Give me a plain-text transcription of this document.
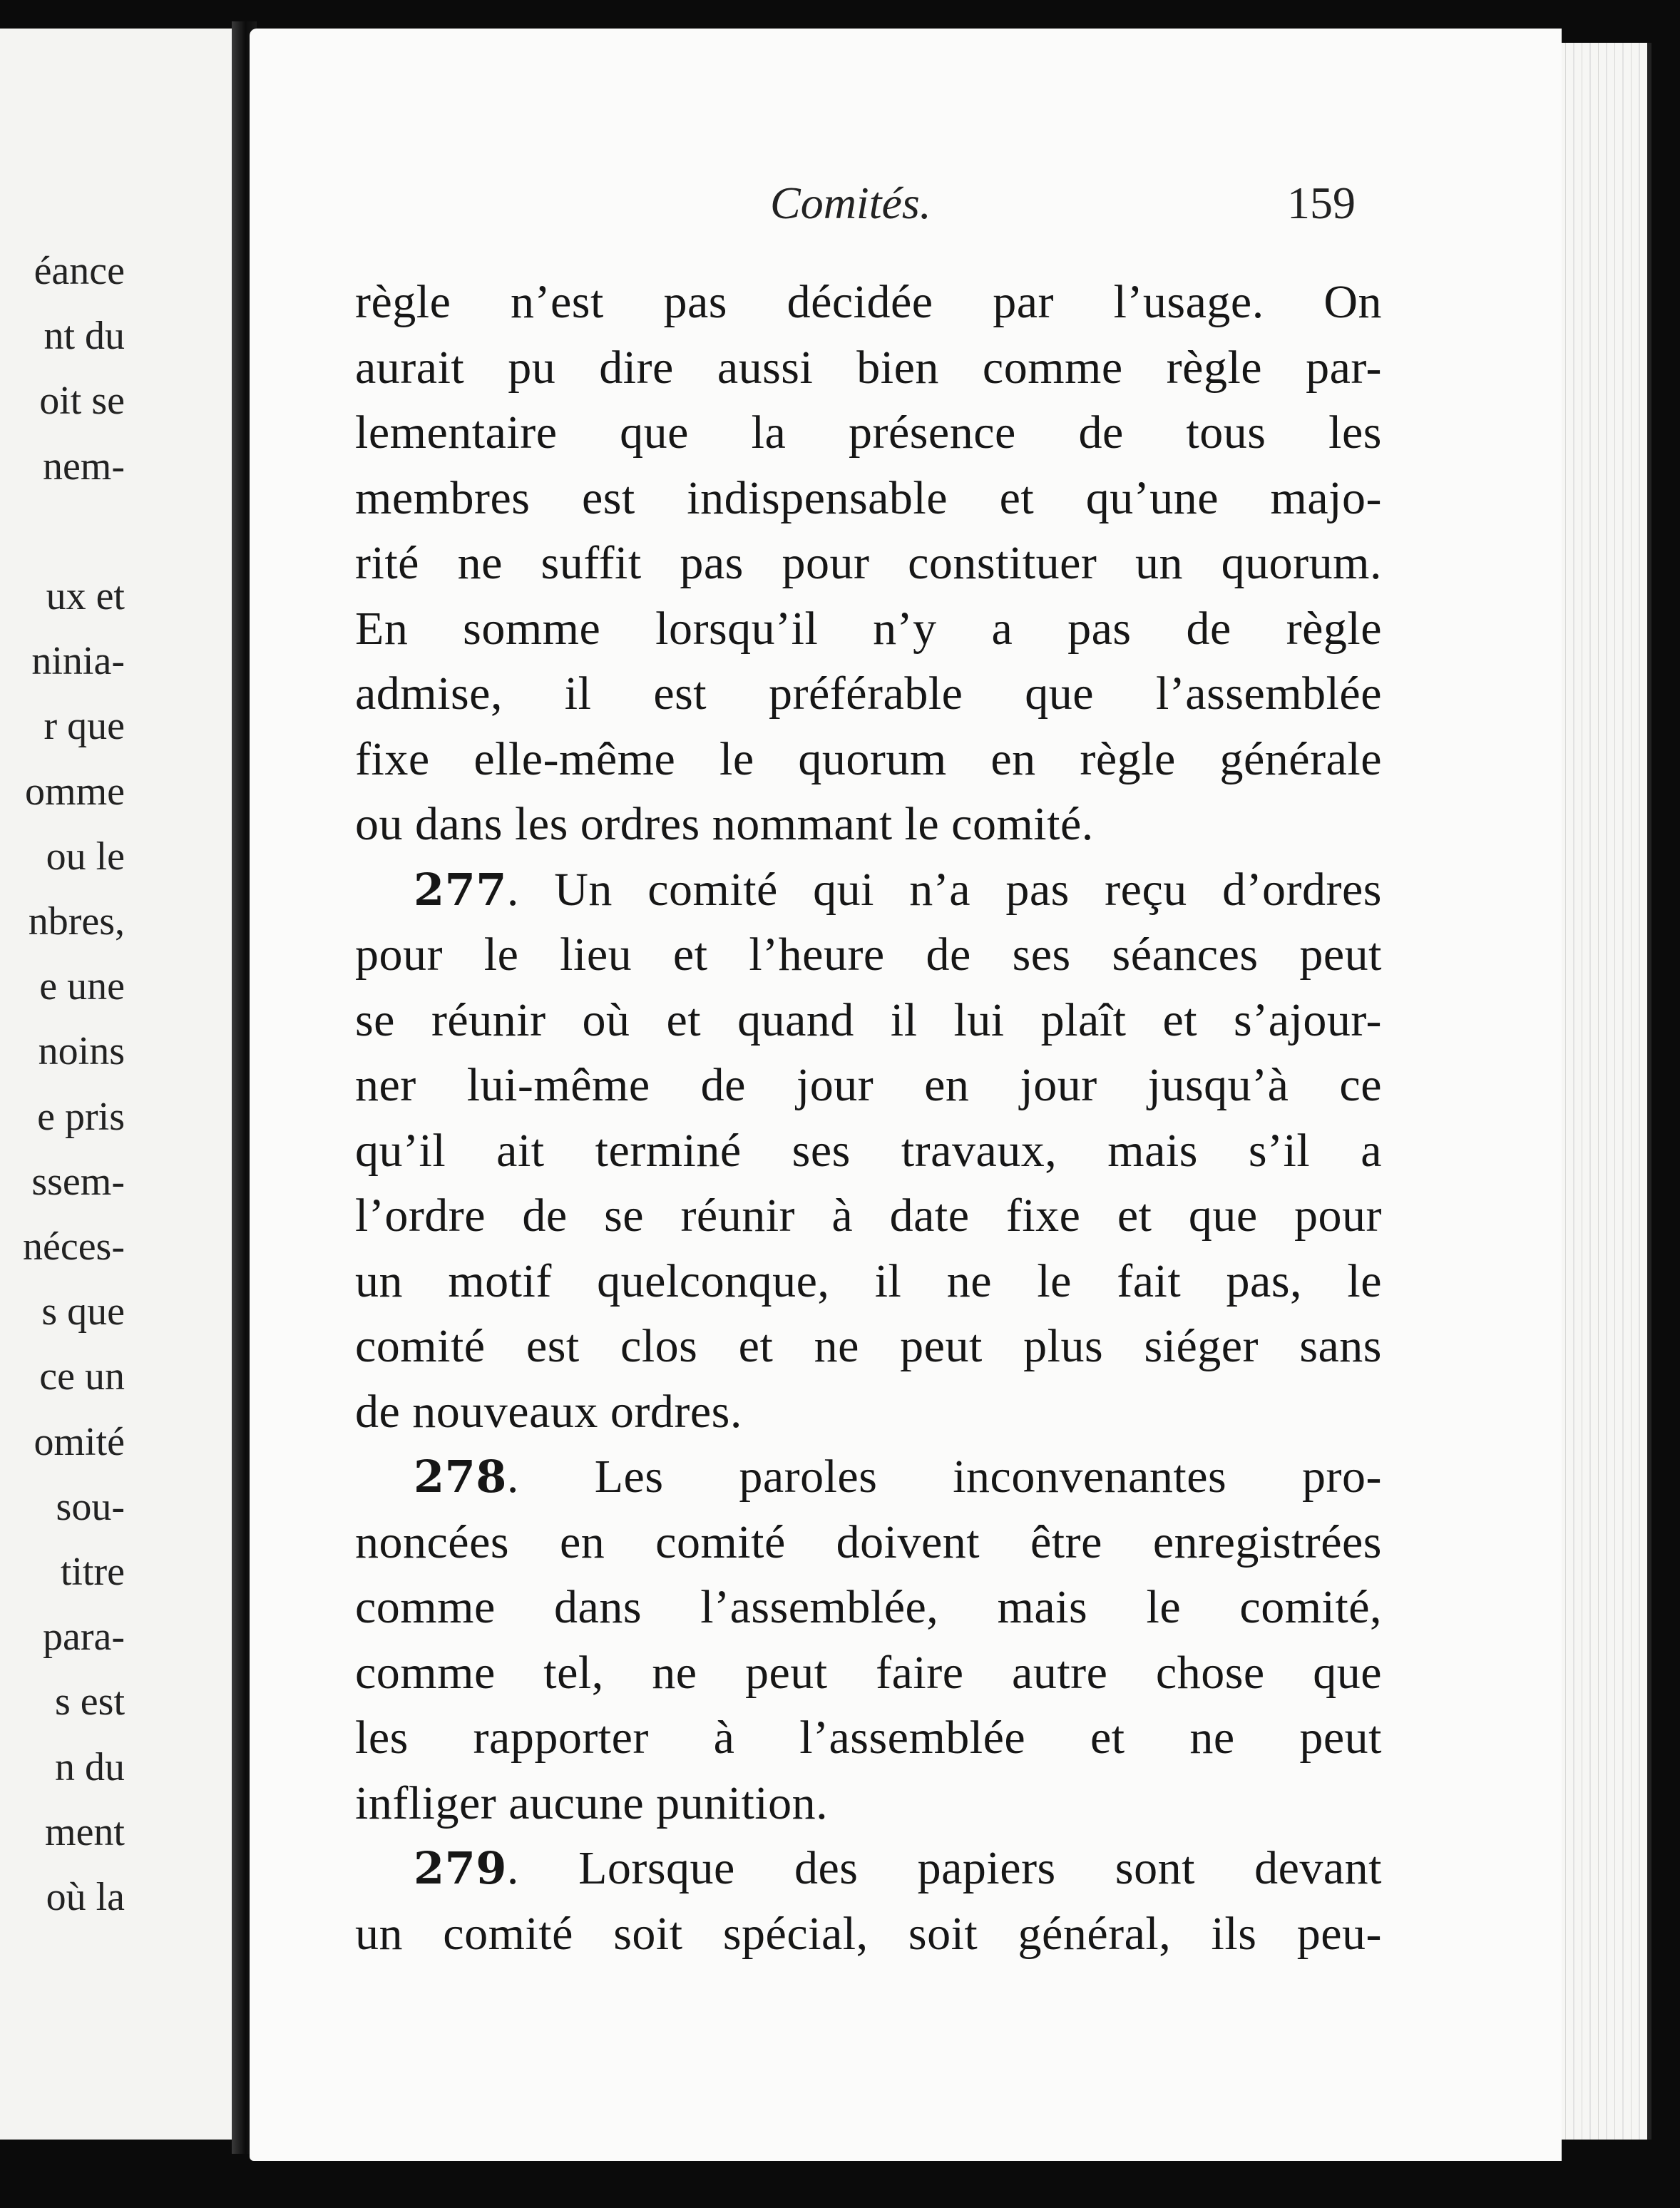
éance
nt du
oit se
nem-
ux et
ninia-
r que
omme
ou le
nbres,
e une
noins
e pris
ssem-
néces-
s que
ce un
omité
sou-
titre
para-
s est
n du
ment
où la
Comités.	159
règle n’est pas décidée par l’usage. On
aurait pu dire aussi bien comme règle par-
lementaire que la présence de tous les
membres est indispensable et qu’une majo-
rité ne suffit pas pour constituer un quorum.
En somme lorsqu’il n’y a pas de règle
admise, il est préférable que l’assemblée
fixe elle-même le quorum en règle générale
ou dans les ordres nommant le comité.
277. Un comité qui n’a pas reçu d’ordres
pour le lieu et l’heure de ses séances peut
se réunir où et quand il lui plaît et s’ajour-
ner lui-même de jour en jour jusqu’à ce
qu’il ait terminé ses travaux, mais s’il a
l’ordre de se réunir à date fixe et que pour
un motif quelconque, il ne le fait pas, le
comité est clos et ne peut plus siéger sans
de nouveaux ordres.
278. Les paroles inconvenantes pro-
noncées en comité doivent être enregistrées
comme dans l’assemblée, mais le comité,
comme tel, ne peut faire autre chose que
les rapporter à l’assemblée et ne peut
infliger aucune punition.
279. Lorsque des papiers sont devant
un comité soit spécial, soit général, ils peu-
